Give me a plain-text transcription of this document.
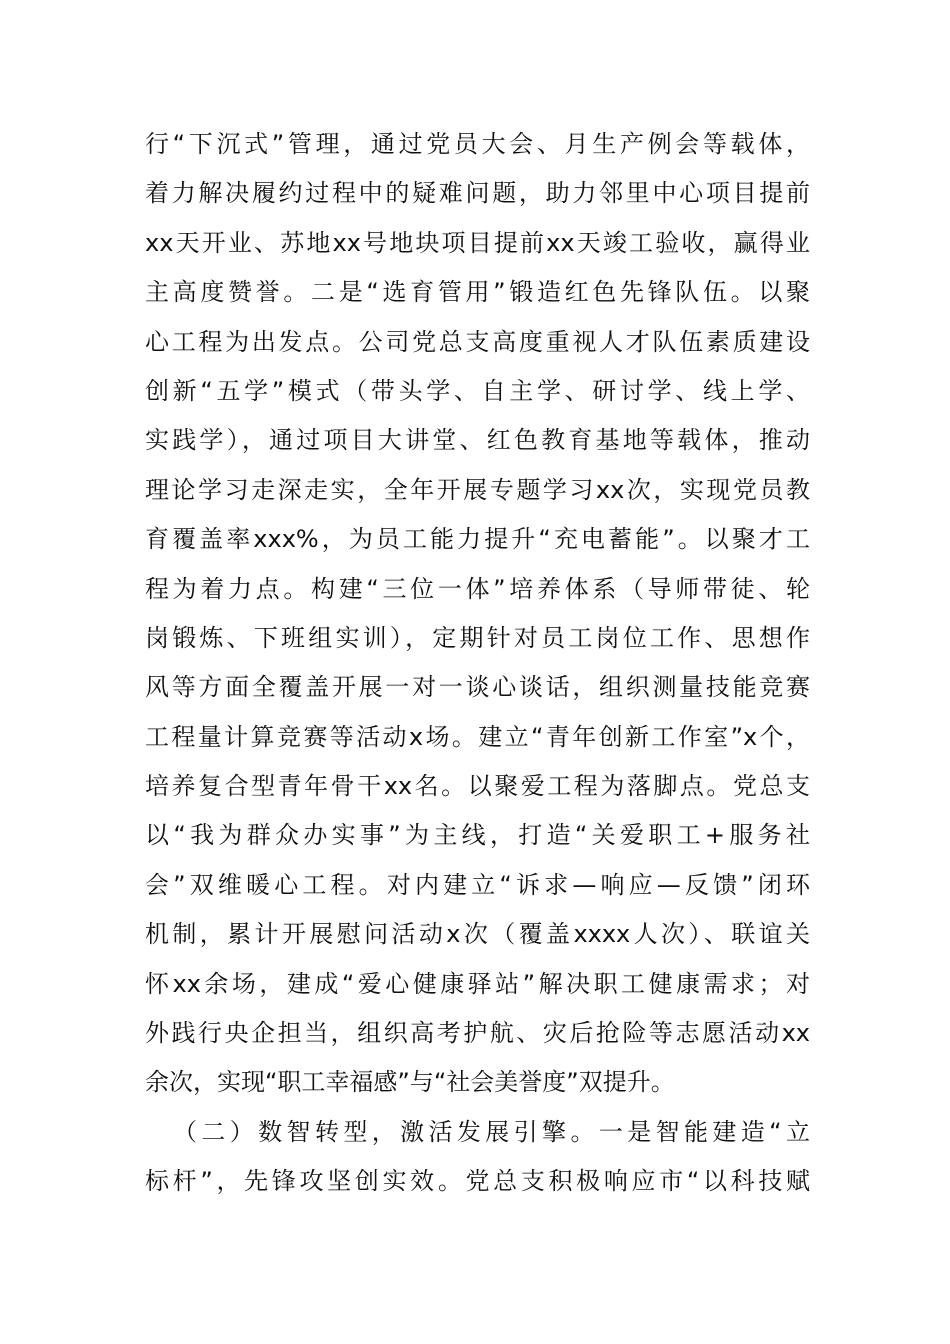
行“下沉式”管理，通过党员大会、月生产例会等载体，
着力解决履约过程中的疑难问题，助力邻里中心项目提前
xx天开业、苏地xx号地块项目提前xx天竣工验收，赢得业
主高度赞誉。二是“选育管用”锻造红色先锋队伍。以聚
心工程为出发点。公司党总支高度重视人才队伍素质建设
创新“五学”模式（带头学、自主学、研讨学、线上学、
实践学），通过项目大讲堂、红色教育基地等载体，推动
理论学习走深走实，全年开展专题学习xx次，实现党员教
育覆盖率xxx%，为员工能力提升“充电蓄能”。以聚才工
程为着力点。构建“三位一体”培养体系（导师带徒、轮
岗锻炼、下班组实训），定期针对员工岗位工作、思想作
风等方面全覆盖开展一对一谈心谈话，组织测量技能竞赛
工程量计算竞赛等活动x场。建立“青年创新工作室”x个，
培养复合型青年骨干xx名。以聚爱工程为落脚点。党总支
以“我为群众办实事”为主线，打造“关爱职工+服务社
会”双维暖心工程。对内建立“诉求—响应—反馈”闭环
机制，累计开展慰问活动x次（覆盖xxxx人次）、联谊关
怀xx余场，建成“爱心健康驿站”解决职工健康需求；对
外践行央企担当，组织高考护航、灾后抢险等志愿活动xx
余次，实现“职工幸福感”与“社会美誉度”双提升。
（二）数智转型，激活发展引擎。一是智能建造“立
标杆”，先锋攻坚创实效。党总支积极响应市“以科技赋
